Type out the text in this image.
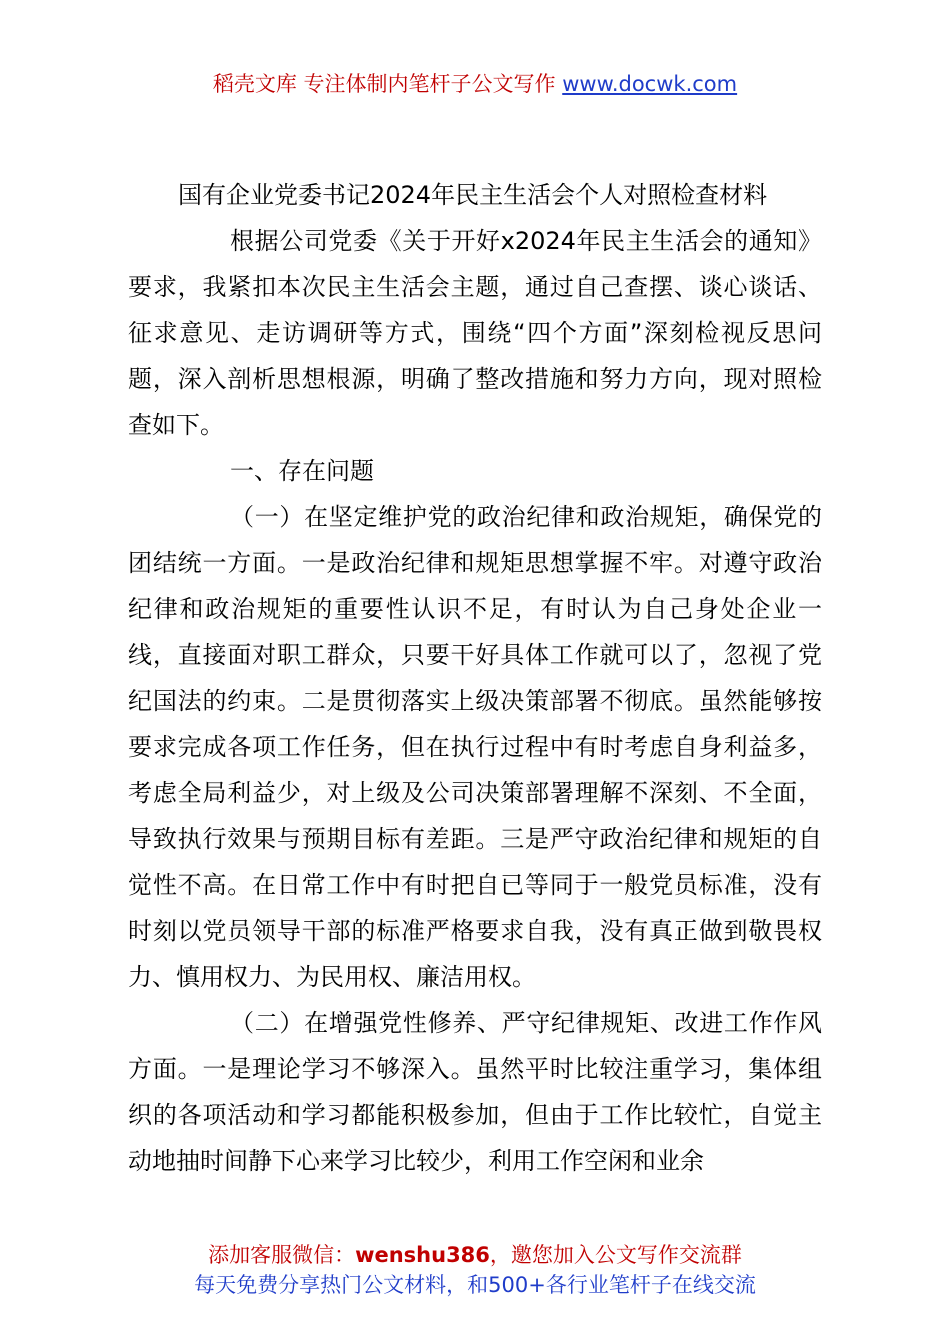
稻壳文库 专注体制内笔杆子公文写作 www.docwk.com

国有企业党委书记2024年民主生活会个人对照检查材料

根据公司党委《关于开好x2024年民主生活会的通知》要求，我紧扣本次民主生活会主题，通过自己查摆、谈心谈话、征求意见、走访调研等方式，围绕“四个方面”深刻检视反思问题，深入剖析思想根源，明确了整改措施和努力方向，现对照检查如下。

一、存在问题

（一）在坚定维护党的政治纪律和政治规矩，确保党的团结统一方面。一是政治纪律和规矩思想掌握不牢。对遵守政治纪律和政治规矩的重要性认识不足，有时认为自己身处企业一线，直接面对职工群众，只要干好具体工作就可以了，忽视了党纪国法的约束。二是贯彻落实上级决策部署不彻底。虽然能够按要求完成各项工作任务，但在执行过程中有时考虑自身利益多，考虑全局利益少，对上级及公司决策部署理解不深刻、不全面，导致执行效果与预期目标有差距。三是严守政治纪律和规矩的自觉性不高。在日常工作中有时把自已等同于一般党员标准，没有时刻以党员领导干部的标准严格要求自我，没有真正做到敬畏权力、慎用权力、为民用权、廉洁用权。

（二）在增强党性修养、严守纪律规矩、改进工作作风方面。一是理论学习不够深入。虽然平时比较注重学习，集体组织的各项活动和学习都能积极参加，但由于工作比较忙，自觉主动地抽时间静下心来学习比较少，利用工作空闲和业余

添加客服微信：wenshu386，邀您加入公文写作交流群
每天免费分享热门公文材料，和500+各行业笔杆子在线交流
